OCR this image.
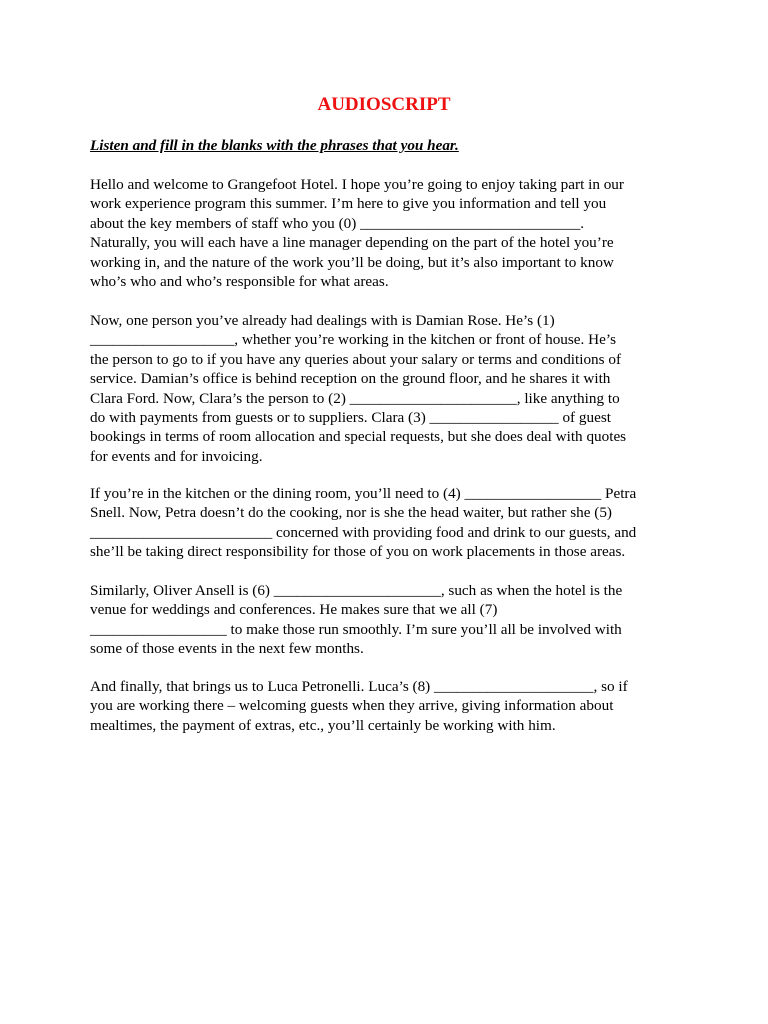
AUDIOSCRIPT

Listen and fill in the blanks with the phrases that you hear.

Hello and welcome to Grangefoot Hotel. I hope you’re going to enjoy taking part in our
work experience program this summer. I’m here to give you information and tell you
about the key members of staff who you (0) _____________________________.
Naturally, you will each have a line manager depending on the part of the hotel you’re
working in, and the nature of the work you’ll be doing, but it’s also important to know
who’s who and who’s responsible for what areas.

Now, one person you’ve already had dealings with is Damian Rose. He’s (1)
___________________, whether you’re working in the kitchen or front of house. He’s
the person to go to if you have any queries about your salary or terms and conditions of
service. Damian’s office is behind reception on the ground floor, and he shares it with
Clara Ford. Now, Clara’s the person to (2) ______________________, like anything to
do with payments from guests or to suppliers. Clara (3) _________________ of guest
bookings in terms of room allocation and special requests, but she does deal with quotes
for events and for invoicing.

If you’re in the kitchen or the dining room, you’ll need to (4) __________________ Petra
Snell. Now, Petra doesn’t do the cooking, nor is she the head waiter, but rather she (5)
________________________ concerned with providing food and drink to our guests, and
she’ll be taking direct responsibility for those of you on work placements in those areas.

Similarly, Oliver Ansell is (6) ______________________, such as when the hotel is the
venue for weddings and conferences. He makes sure that we all (7)
__________________ to make those run smoothly. I’m sure you’ll all be involved with
some of those events in the next few months.

And finally, that brings us to Luca Petronelli. Luca’s (8) _____________________, so if
you are working there – welcoming guests when they arrive, giving information about
mealtimes, the payment of extras, etc., you’ll certainly be working with him.
